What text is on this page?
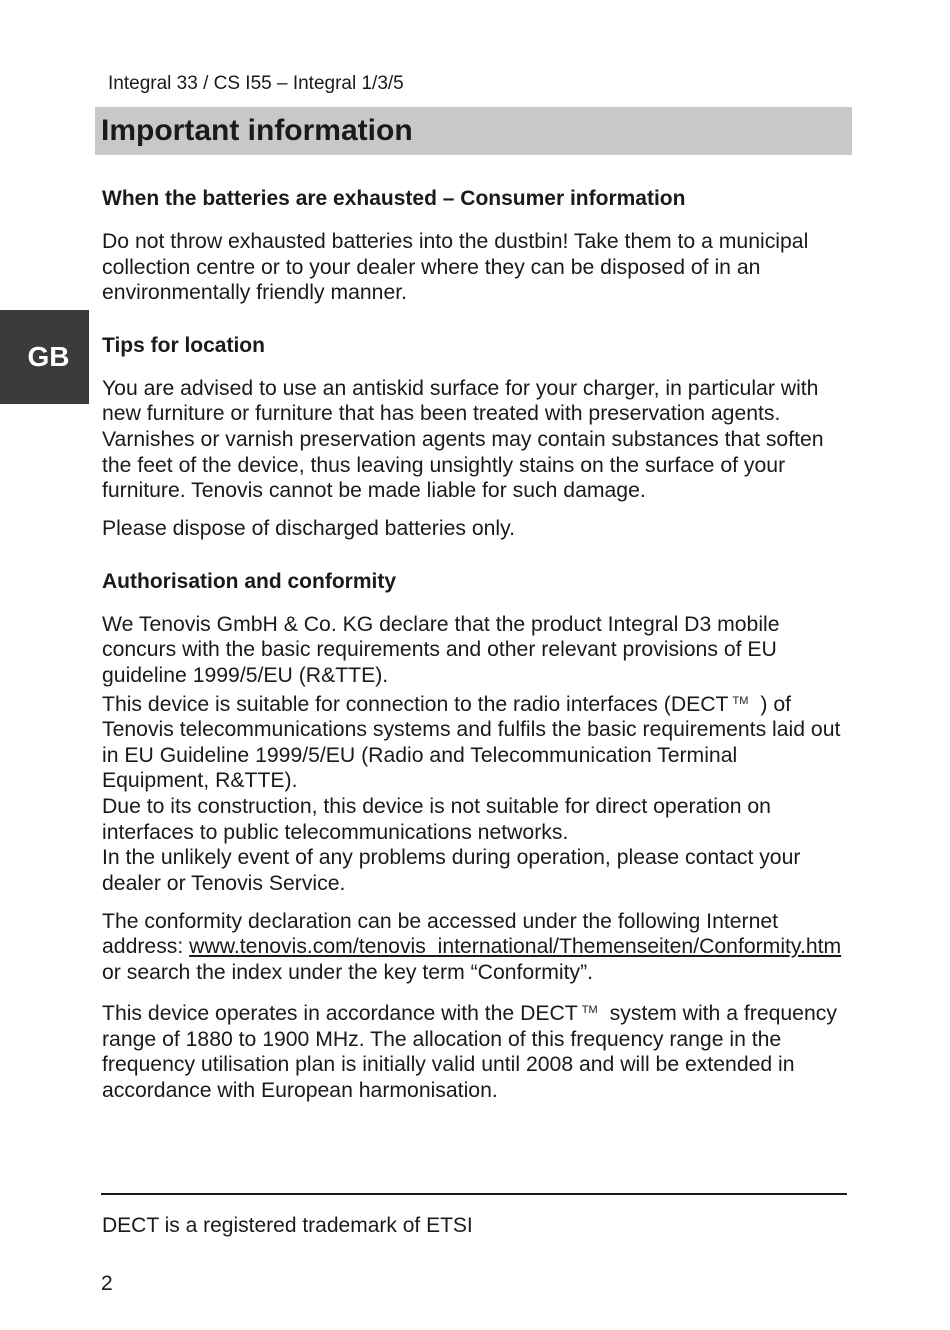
Integral 33 / CS I55 – Integral 1/3/5
Important information
GB
When the batteries are exhausted – Consumer information

Do not throw exhausted batteries into the dustbin! Take them to a municipal collection centre or to your dealer where they can be disposed of in an environmentally friendly manner.

Tips for location

You are advised to use an antiskid surface for your charger, in particular with new furniture or furniture that has been treated with preservation agents. Varnishes or varnish preservation agents may contain substances that soften the feet of the device, thus leaving unsightly stains on the surface of your furniture. Tenovis cannot be made liable for such damage.

Please dispose of discharged batteries only.

Authorisation and conformity

We Tenovis GmbH & Co. KG declare that the product Integral D3 mobile concurs with the basic requirements and other relevant provisions of EU guideline 1999/5/EU (R&TTE).
This device is suitable for connection to the radio interfaces (DECT ™ ) of Tenovis telecommunications systems and fulfils the basic requirements laid out in EU Guideline 1999/5/EU (Radio and Telecommunication Terminal Equipment, R&TTE).
Due to its construction, this device is not suitable for direct operation on interfaces to public telecommunications networks.
In the unlikely event of any problems during operation, please contact your dealer or Tenovis Service.

The conformity declaration can be accessed under the following Internet address: www.tenovis.com/tenovis_international/Themenseiten/Conformity.htm or search the index under the key term “Conformity”.

This device operates in accordance with the DECT ™ system with a frequency range of 1880 to 1900 MHz. The allocation of this frequency range in the frequency utilisation plan is initially valid until 2008 and will be extended in accordance with European harmonisation.

DECT is a registered trademark of ETSI
2
